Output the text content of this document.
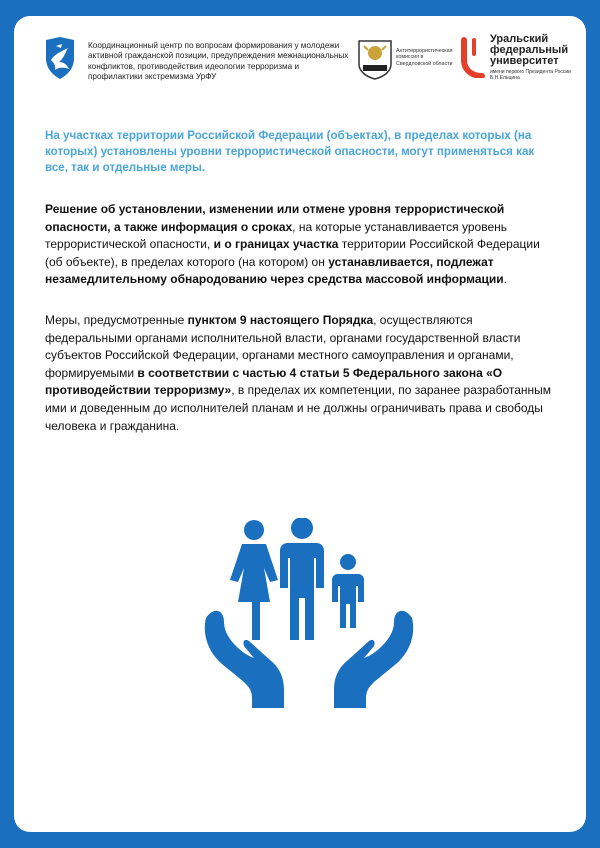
Координационный центр по вопросам формирования у молодежи активной гражданской позиции, предупреждения межнациональных конфликтов, противодействия идеологии терроризма и профилактики экстремизма УрФУ
Антитеррористическая комиссия в Свердловской области
Уральский федеральный университет
имени первого Президента России Б.Н.Ельцина

На участках территории Российской Федерации (объектах), в пределах которых (на которых) установлены уровни террористической опасности, могут применяться как все, так и отдельные меры.

Решение об установлении, изменении или отмене уровня террористической опасности, а также информация о сроках, на которые устанавливается уровень террористической опасности, и о границах участка территории Российской Федерации (об объекте), в пределах которого (на котором) он устанавливается, подлежат незамедлительному обнародованию через средства массовой информации.

Меры, предусмотренные пунктом 9 настоящего Порядка, осуществляются федеральными органами исполнительной власти, органами государственной власти субъектов Российской Федерации, органами местного самоуправления и органами, формируемыми в соответствии с частью 4 статьи 5 Федерального закона «О противодействии терроризму», в пределах их компетенции, по заранее разработанным ими и доведенным до исполнителей планам и не должны ограничивать права и свободы человека и гражданина.
